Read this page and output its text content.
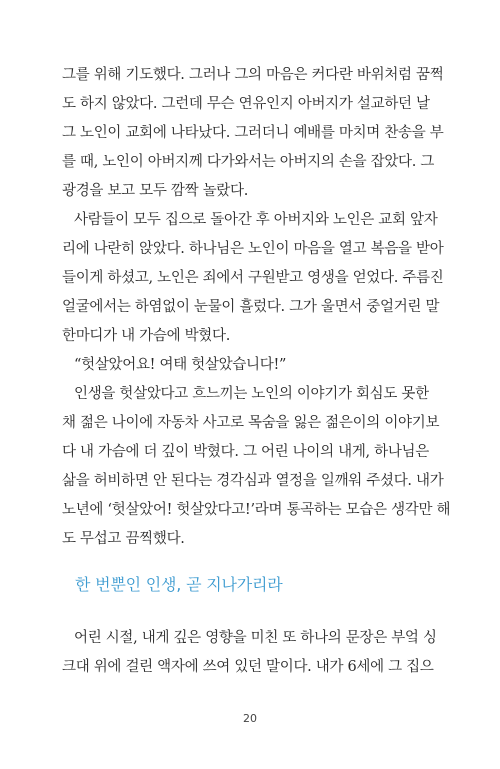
그를 위해 기도했다. 그러나 그의 마음은 커다란 바위처럼 꿈쩍
도 하지 않았다. 그런데 무슨 연유인지 아버지가 설교하던 날
그 노인이 교회에 나타났다. 그러더니 예배를 마치며 찬송을 부
를 때, 노인이 아버지께 다가와서는 아버지의 손을 잡았다. 그
광경을 보고 모두 깜짝 놀랐다.
사람들이 모두 집으로 돌아간 후 아버지와 노인은 교회 앞자
리에 나란히 앉았다. 하나님은 노인이 마음을 열고 복음을 받아
들이게 하셨고, 노인은 죄에서 구원받고 영생을 얻었다. 주름진
얼굴에서는 하염없이 눈물이 흘렀다. 그가 울면서 중얼거린 말
한마디가 내 가슴에 박혔다.
“헛살았어요! 여태 헛살았습니다!”
인생을 헛살았다고 흐느끼는 노인의 이야기가 회심도 못한
채 젊은 나이에 자동차 사고로 목숨을 잃은 젊은이의 이야기보
다 내 가슴에 더 깊이 박혔다. 그 어린 나이의 내게, 하나님은
삶을 허비하면 안 된다는 경각심과 열정을 일깨워 주셨다. 내가
노년에 ‘헛살았어! 헛살았다고!’라며 통곡하는 모습은 생각만 해
도 무섭고 끔찍했다.
한 번뿐인 인생, 곧 지나가리라
어린 시절, 내게 깊은 영향을 미친 또 하나의 문장은 부엌 싱
크대 위에 걸린 액자에 쓰여 있던 말이다. 내가 6세에 그 집으
20
